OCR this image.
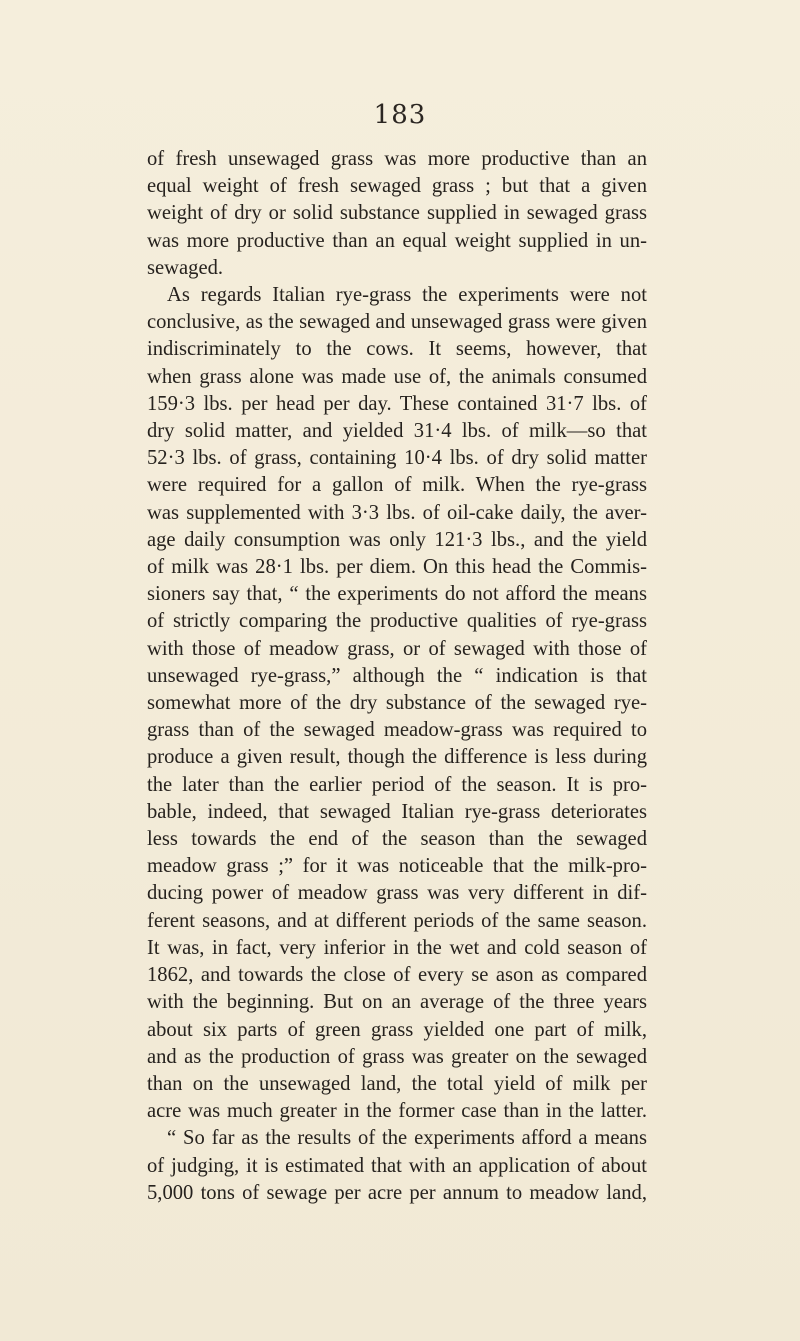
183
of fresh unsewaged grass was more productive than an
equal weight of fresh sewaged grass ; but that a given
weight of dry or solid substance supplied in sewaged grass
was more productive than an equal weight supplied in un-
sewaged.
As regards Italian rye-grass the experiments were not
conclusive, as the sewaged and unsewaged grass were given
indiscriminately to the cows. It seems, however, that
when grass alone was made use of, the animals consumed
159·3 lbs. per head per day. These contained 31·7 lbs. of
dry solid matter, and yielded 31·4 lbs. of milk—so that
52·3 lbs. of grass, containing 10·4 lbs. of dry solid matter
were required for a gallon of milk. When the rye-grass
was supplemented with 3·3 lbs. of oil-cake daily, the aver-
age daily consumption was only 121·3 lbs., and the yield
of milk was 28·1 lbs. per diem. On this head the Commis-
sioners say that, “ the experiments do not afford the means
of strictly comparing the productive qualities of rye-grass
with those of meadow grass, or of sewaged with those of
unsewaged rye-grass,” although the “ indication is that
somewhat more of the dry substance of the sewaged rye-
grass than of the sewaged meadow-grass was required to
produce a given result, though the difference is less during
the later than the earlier period of the season. It is pro-
bable, indeed, that sewaged Italian rye-grass deteriorates
less towards the end of the season than the sewaged
meadow grass ;” for it was noticeable that the milk-pro-
ducing power of meadow grass was very different in dif-
ferent seasons, and at different periods of the same season.
It was, in fact, very inferior in the wet and cold season of
1862, and towards the close of every se ason as compared
with the beginning. But on an average of the three years
about six parts of green grass yielded one part of milk,
and as the production of grass was greater on the sewaged
than on the unsewaged land, the total yield of milk per
acre was much greater in the former case than in the latter.
“ So far as the results of the experiments afford a means
of judging, it is estimated that with an application of about
5,000 tons of sewage per acre per annum to meadow land,
